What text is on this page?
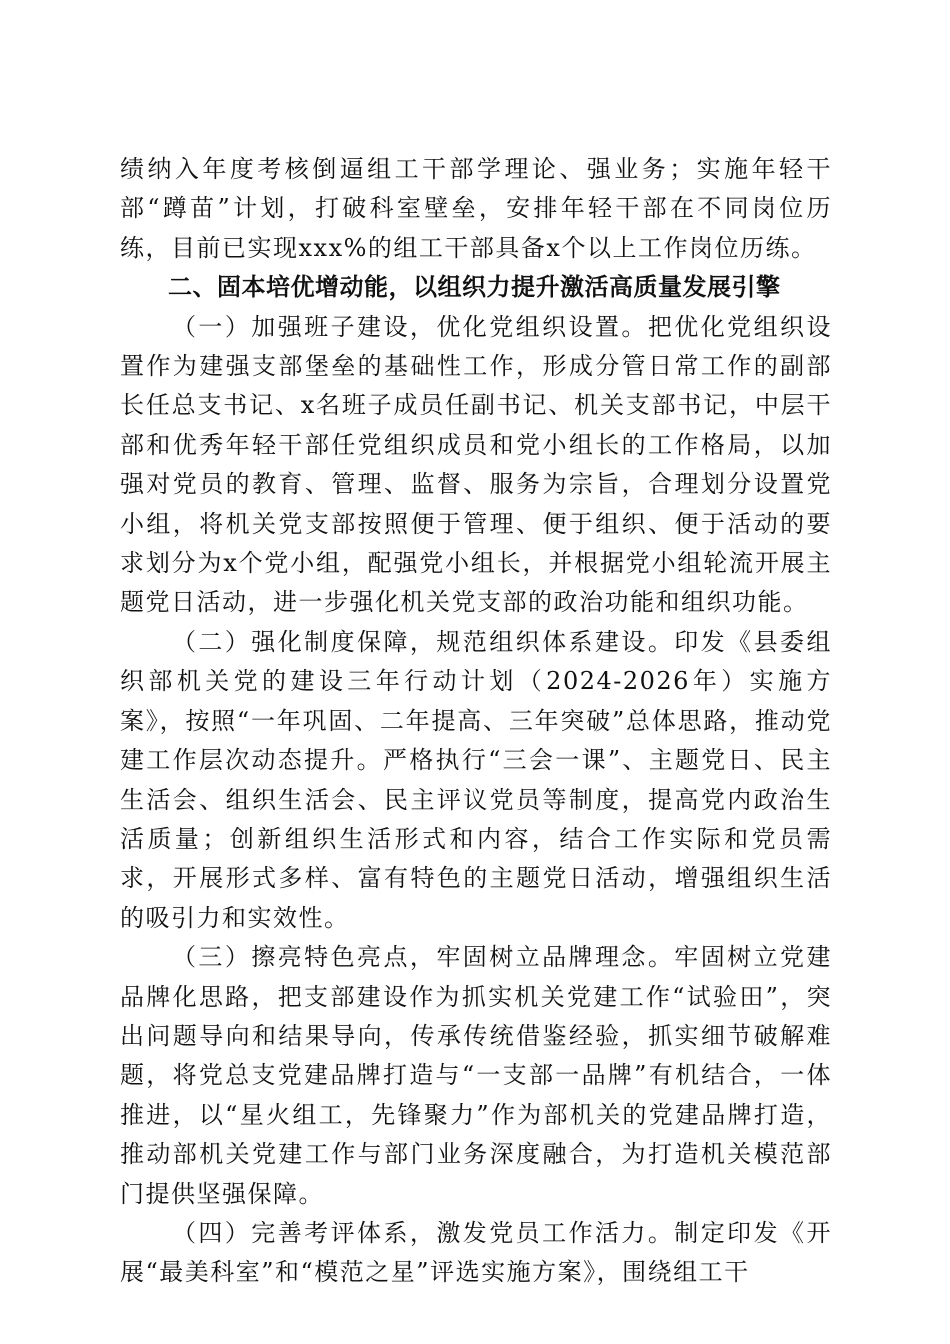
绩纳入年度考核倒逼组工干部学理论、强业务；实施年轻干部“蹲苗”计划，打破科室壁垒，安排年轻干部在不同岗位历练，目前已实现xxx%的组工干部具备x个以上工作岗位历练。

二、固本培优增动能，以组织力提升激活高质量发展引擎

（一）加强班子建设，优化党组织设置。把优化党组织设置作为建强支部堡垒的基础性工作，形成分管日常工作的副部长任总支书记、x名班子成员任副书记、机关支部书记，中层干部和优秀年轻干部任党组织成员和党小组长的工作格局，以加强对党员的教育、管理、监督、服务为宗旨，合理划分设置党小组，将机关党支部按照便于管理、便于组织、便于活动的要求划分为x个党小组，配强党小组长，并根据党小组轮流开展主题党日活动，进一步强化机关党支部的政治功能和组织功能。

（二）强化制度保障，规范组织体系建设。印发《县委组织部机关党的建设三年行动计划（2024-2026年）实施方案》，按照“一年巩固、二年提高、三年突破”总体思路，推动党建工作层次动态提升。严格执行“三会一课”、主题党日、民主生活会、组织生活会、民主评议党员等制度，提高党内政治生活质量；创新组织生活形式和内容，结合工作实际和党员需求，开展形式多样、富有特色的主题党日活动，增强组织生活的吸引力和实效性。

（三）擦亮特色亮点，牢固树立品牌理念。牢固树立党建品牌化思路，把支部建设作为抓实机关党建工作“试验田”，突出问题导向和结果导向，传承传统借鉴经验，抓实细节破解难题，将党总支党建品牌打造与“一支部一品牌”有机结合，一体推进，以“星火组工，先锋聚力”作为部机关的党建品牌打造，推动部机关党建工作与部门业务深度融合，为打造机关模范部门提供坚强保障。

（四）完善考评体系，激发党员工作活力。制定印发《开展“最美科室”和“模范之星”评选实施方案》，围绕组工干
